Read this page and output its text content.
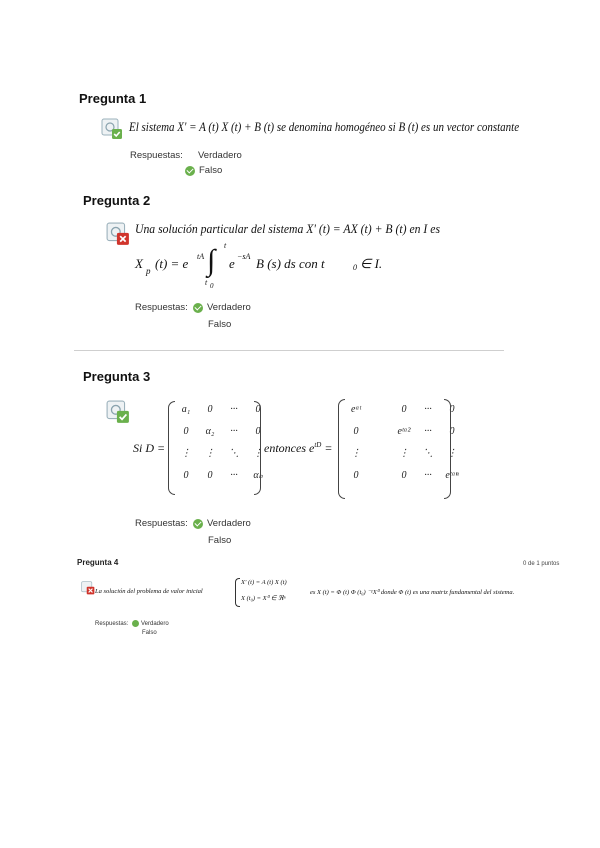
Pregunta 1
El sistema X' = A (t) X (t) + B (t) se denomina homogéneo si B (t) es un vector constante
Respuestas: Verdadero
Falso
Pregunta 2
Una solución particular del sistema X' (t) = AX (t) + B (t) en I es
X p (t) = e tA ∫ t
t 0
e −sA B (s) ds con t	0 ∈ I.
Respuestas: Verdadero
Falso
Pregunta 3
Si D =
a₁	0	···	0
0	α₂	···	0
⋮	⋮	⋱	⋮
0	0	···	αₙ
entonces $e^{tD}$ =
eᵅᵗ	0	···	0
0	eᵗᵅ²	···	0
⋮	⋮	⋱	⋮
0	0	···	eᵗᵅⁿ
Respuestas: Verdadero
Falso
Pregunta 4	0 de 1 puntos
La solución del problema de valor inicial
X' (t) = A (t) X (t)
X (t₀) = X⁰ ∈ ℜⁿ
es X (t) = Φ (t) Φ (t₀) ⁻¹X⁰ donde Φ (t) es una matriz fundamental del sistema.
Respuestas: Verdadero
Falso
